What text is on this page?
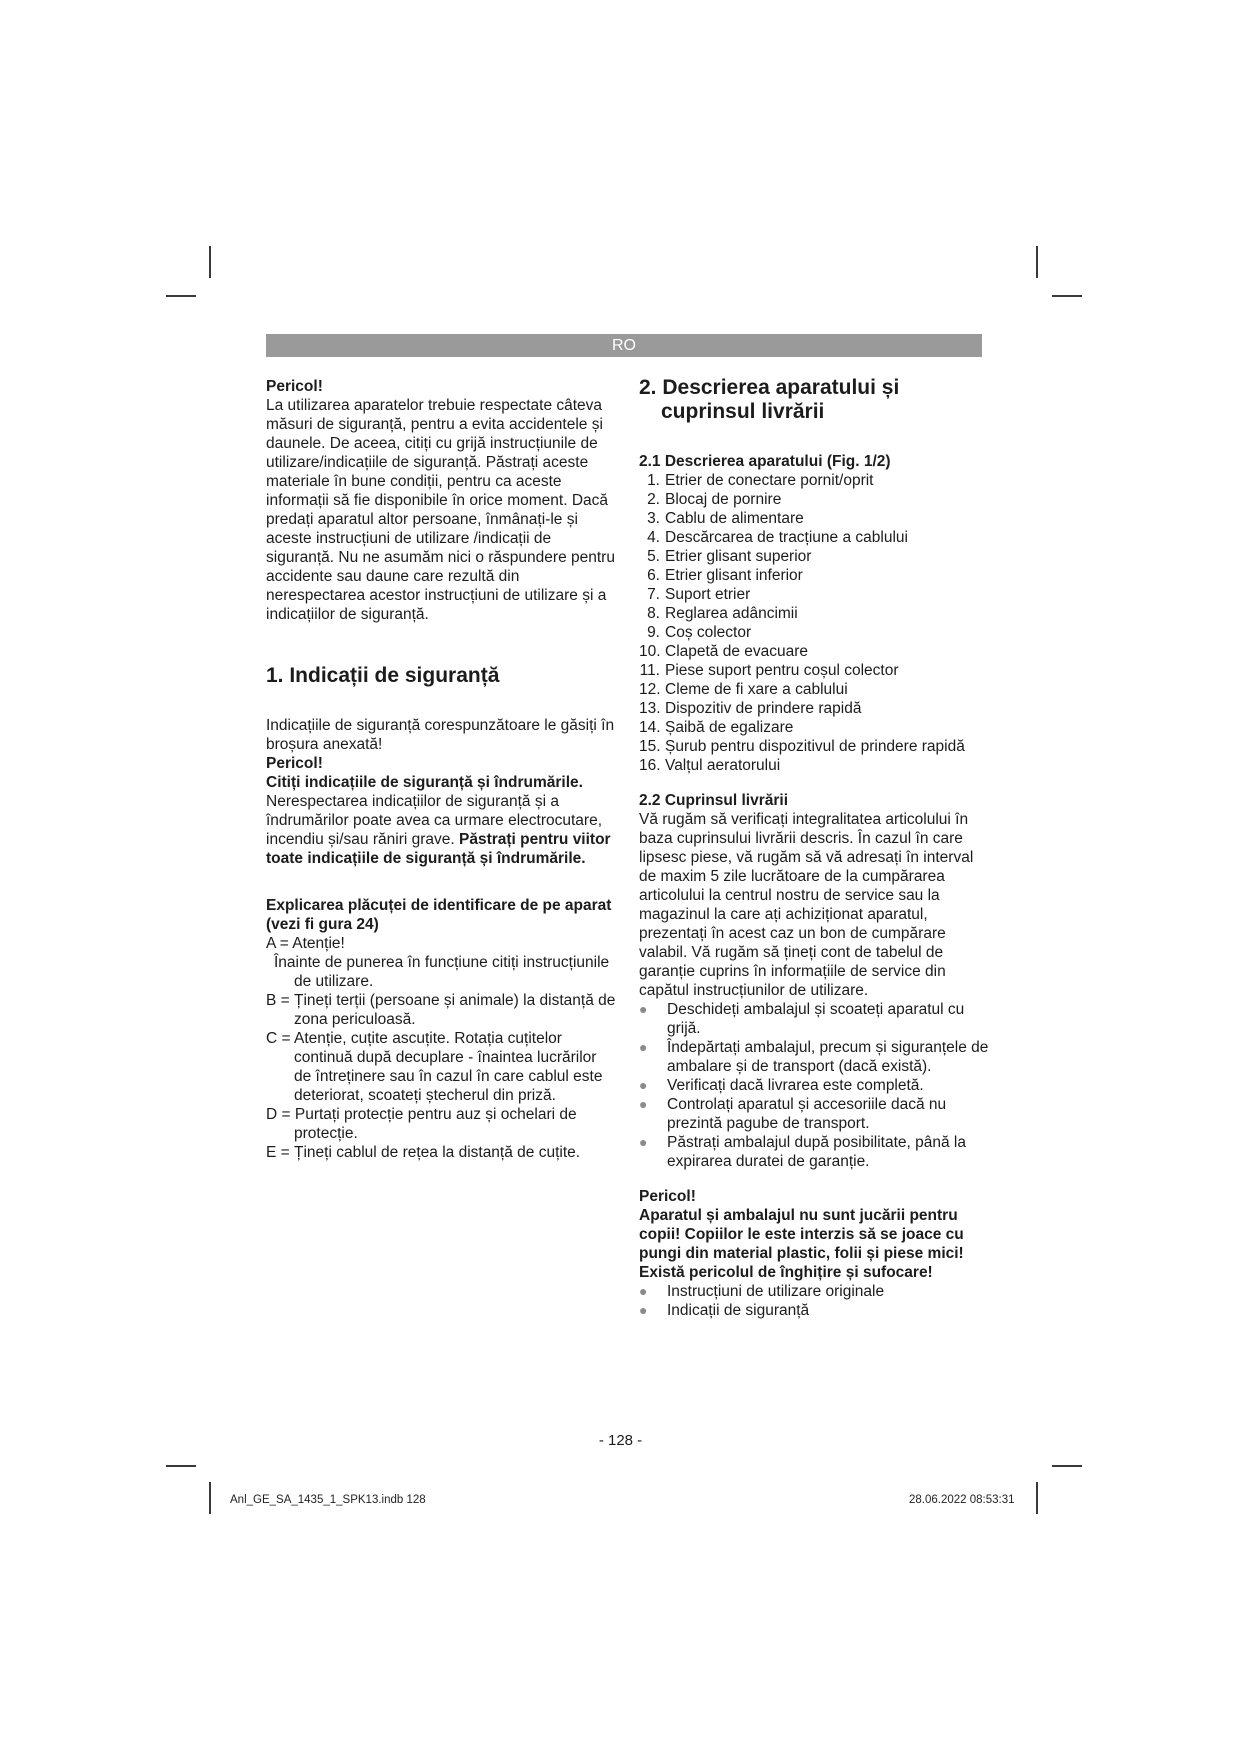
RO

Pericol!

La utilizarea aparatelor trebuie respectate câteva măsuri de siguranță, pentru a evita accidentele și daunele. De aceea, citiți cu grijă instrucțiunile de utilizare/indicațiile de siguranță. Păstrați aceste materiale în bune condiții, pentru ca aceste informații să fie disponibile în orice moment. Dacă predați aparatul altor persoane, înmânați-le și aceste instrucțiuni de utilizare /indicații de siguranță. Nu ne asumăm nici o răspundere pentru accidente sau daune care rezultă din nerespectarea acestor instrucțiuni de utilizare și a indicațiilor de siguranță.

1. Indicații de siguranță

Indicațiile de siguranță corespunzătoare le găsiți în broșura anexată!

Pericol!

Citiți indicațiile de siguranță și îndrumările.

Nerespectarea indicațiilor de siguranță și a îndrumărilor poate avea ca urmare electrocutare, incendiu și/sau răniri grave. Păstrați pentru viitor toate indicațiile de siguranță și îndrumările.

Explicarea plăcuței de identificare de pe aparat (vezi fi gura 24)

A = Atenție!

Înainte de punerea în funcțiune citiți instrucțiunile de utilizare.

B = Țineți terții (persoane și animale) la distanță de zona periculoasă.

C = Atenție, cuțite ascuțite. Rotația cuțitelor continuă după decuplare - înaintea lucrărilor de întreținere sau în cazul în care cablul este deteriorat, scoateți ștecherul din priză.

D = Purtați protecție pentru auz și ochelari de protecție.

E = Țineți cablul de rețea la distanță de cuțite.

2. Descrierea aparatului și cuprinsul livrării

2.1 Descrierea aparatului (Fig. 1/2)

1. Etrier de conectare pornit/oprit
2. Blocaj de pornire
3. Cablu de alimentare
4. Descărcarea de tracțiune a cablului
5. Etrier glisant superior
6. Etrier glisant inferior
7. Suport etrier
8. Reglarea adâncimii
9. Coș colector
10. Clapetă de evacuare
11. Piese suport pentru coșul colector
12. Cleme de fi xare a cablului
13. Dispozitiv de prindere rapidă
14. Șaibă de egalizare
15. Șurub pentru dispozitivul de prindere rapidă
16. Valțul aeratorului

2.2 Cuprinsul livrării

Vă rugăm să verificați integralitatea articolului în baza cuprinsului livrării descris. În cazul în care lipsesc piese, vă rugăm să vă adresați în interval de maxim 5 zile lucrătoare de la cumpărarea articolului la centrul nostru de service sau la magazinul la care ați achiziționat aparatul, prezentați în acest caz un bon de cumpărare valabil. Vă rugăm să țineți cont de tabelul de garanție cuprins în informațiile de service din capătul instrucțiunilor de utilizare.

●	Deschideți ambalajul și scoateți aparatul cu grijă.
●	Îndepărtați ambalajul, precum și siguranțele de ambalare și de transport (dacă există).
●	Verificați dacă livrarea este completă.
●	Controlați aparatul și accesoriile dacă nu prezintă pagube de transport.
●	Păstrați ambalajul după posibilitate, până la expirarea duratei de garanție.

Pericol!

Aparatul și ambalajul nu sunt jucării pentru copii! Copiilor le este interzis să se joace cu pungi din material plastic, folii și piese mici! Există pericolul de înghițire și sufocare!

●	Instrucțiuni de utilizare originale
●	Indicații de siguranță
- 128 -
Anl_GE_SA_1435_1_SPK13.indb 128	28.06.2022 08:53:31
